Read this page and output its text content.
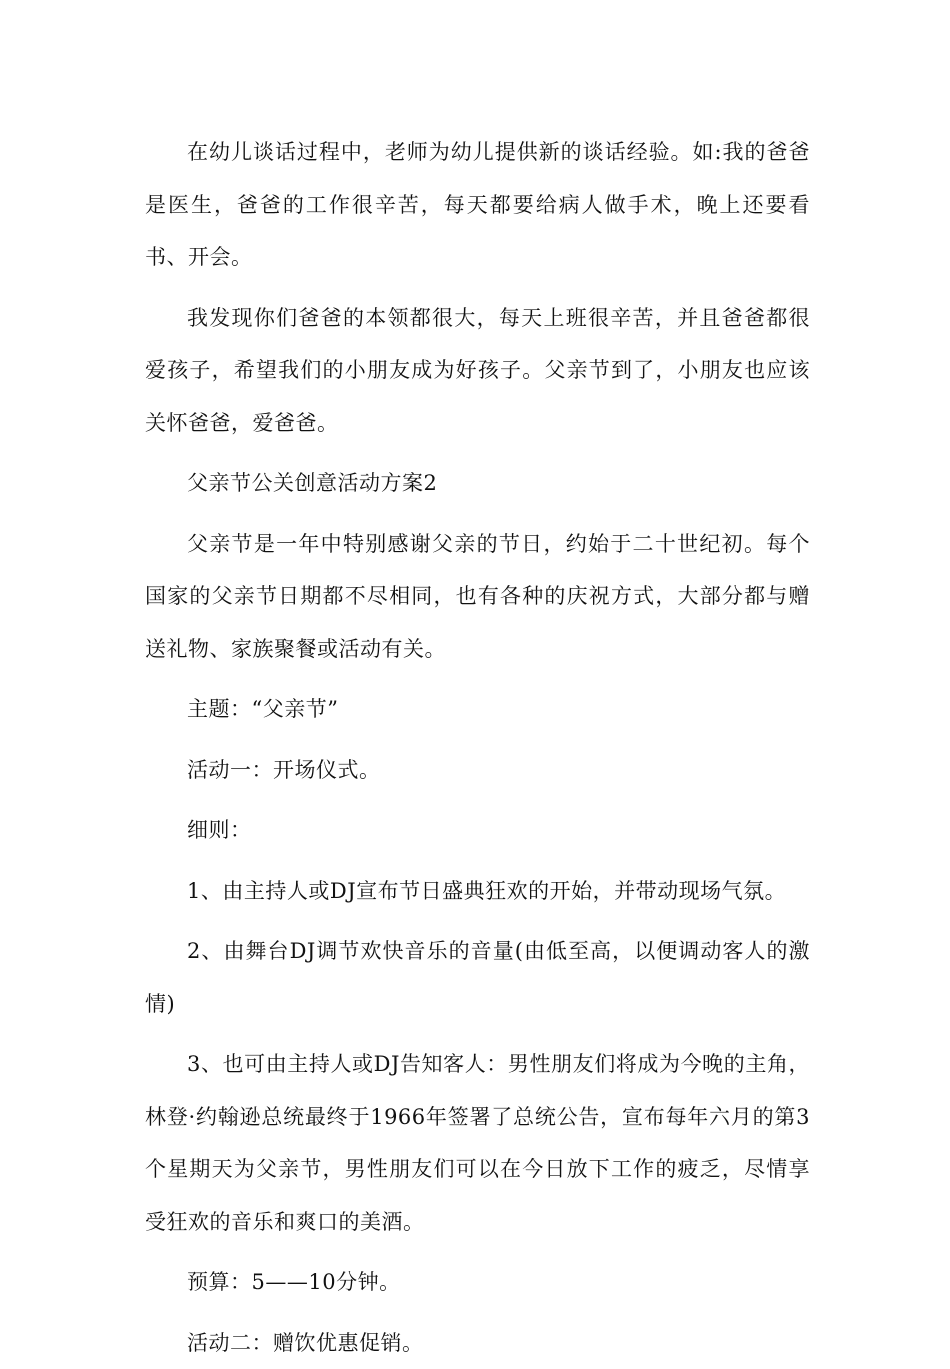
在幼儿谈话过程中，老师为幼儿提供新的谈话经验。如:我的爸爸是医生，爸爸的工作很辛苦，每天都要给病人做手术，晚上还要看书、开会。

我发现你们爸爸的本领都很大，每天上班很辛苦，并且爸爸都很爱孩子，希望我们的小朋友成为好孩子。父亲节到了，小朋友也应该关怀爸爸，爱爸爸。

父亲节公关创意活动方案2

父亲节是一年中特别感谢父亲的节日，约始于二十世纪初。每个国家的父亲节日期都不尽相同，也有各种的庆祝方式，大部分都与赠送礼物、家族聚餐或活动有关。

主题：“父亲节”

活动一：开场仪式。

细则：

1、由主持人或DJ宣布节日盛典狂欢的开始，并带动现场气氛。

2、由舞台DJ调节欢快音乐的音量(由低至高，以便调动客人的激情)

3、也可由主持人或DJ告知客人：男性朋友们将成为今晚的主角，林登·约翰逊总统最终于1966年签署了总统公告，宣布每年六月的第3个星期天为父亲节，男性朋友们可以在今日放下工作的疲乏，尽情享受狂欢的音乐和爽口的美酒。

预算：5——10分钟。

活动二：赠饮优惠促销。
